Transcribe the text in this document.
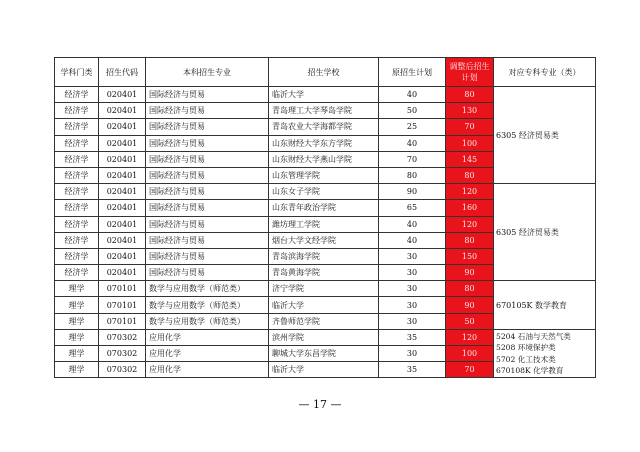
学科门类	招生代码	本科招生专业	招生学校	原招生计划	调整后招生计划	对应专科专业（类）
经济学	020401	国际经济与贸易	临沂大学	40	80	6305 经济贸易类
经济学	020401	国际经济与贸易	青岛理工大学琴岛学院	50	130	
经济学	020401	国际经济与贸易	青岛农业大学海都学院	25	70	
经济学	020401	国际经济与贸易	山东财经大学东方学院	40	100	
经济学	020401	国际经济与贸易	山东财经大学燕山学院	70	145	
经济学	020401	国际经济与贸易	山东管理学院	80	80	
经济学	020401	国际经济与贸易	山东女子学院	90	120	6305 经济贸易类
经济学	020401	国际经济与贸易	山东青年政治学院	65	160	
经济学	020401	国际经济与贸易	潍坊理工学院	40	120	
经济学	020401	国际经济与贸易	烟台大学文经学院	40	80	
经济学	020401	国际经济与贸易	青岛滨海学院	30	150	
经济学	020401	国际经济与贸易	青岛黄海学院	30	90	
理学	070101	数学与应用数学（师范类）	济宁学院	30	80	670105K 数学教育
理学	070101	数学与应用数学（师范类）	临沂大学	30	90	
理学	070101	数学与应用数学（师范类）	齐鲁师范学院	30	50	
理学	070302	应用化学	滨州学院	35	120	5204 石油与天然气类
5208 环境保护类
5702 化工技术类
670108K 化学教育

理学	070302	应用化学	聊城大学东昌学院	30	100	
理学	070302	应用化学	临沂大学	35	70	
— 17 —
